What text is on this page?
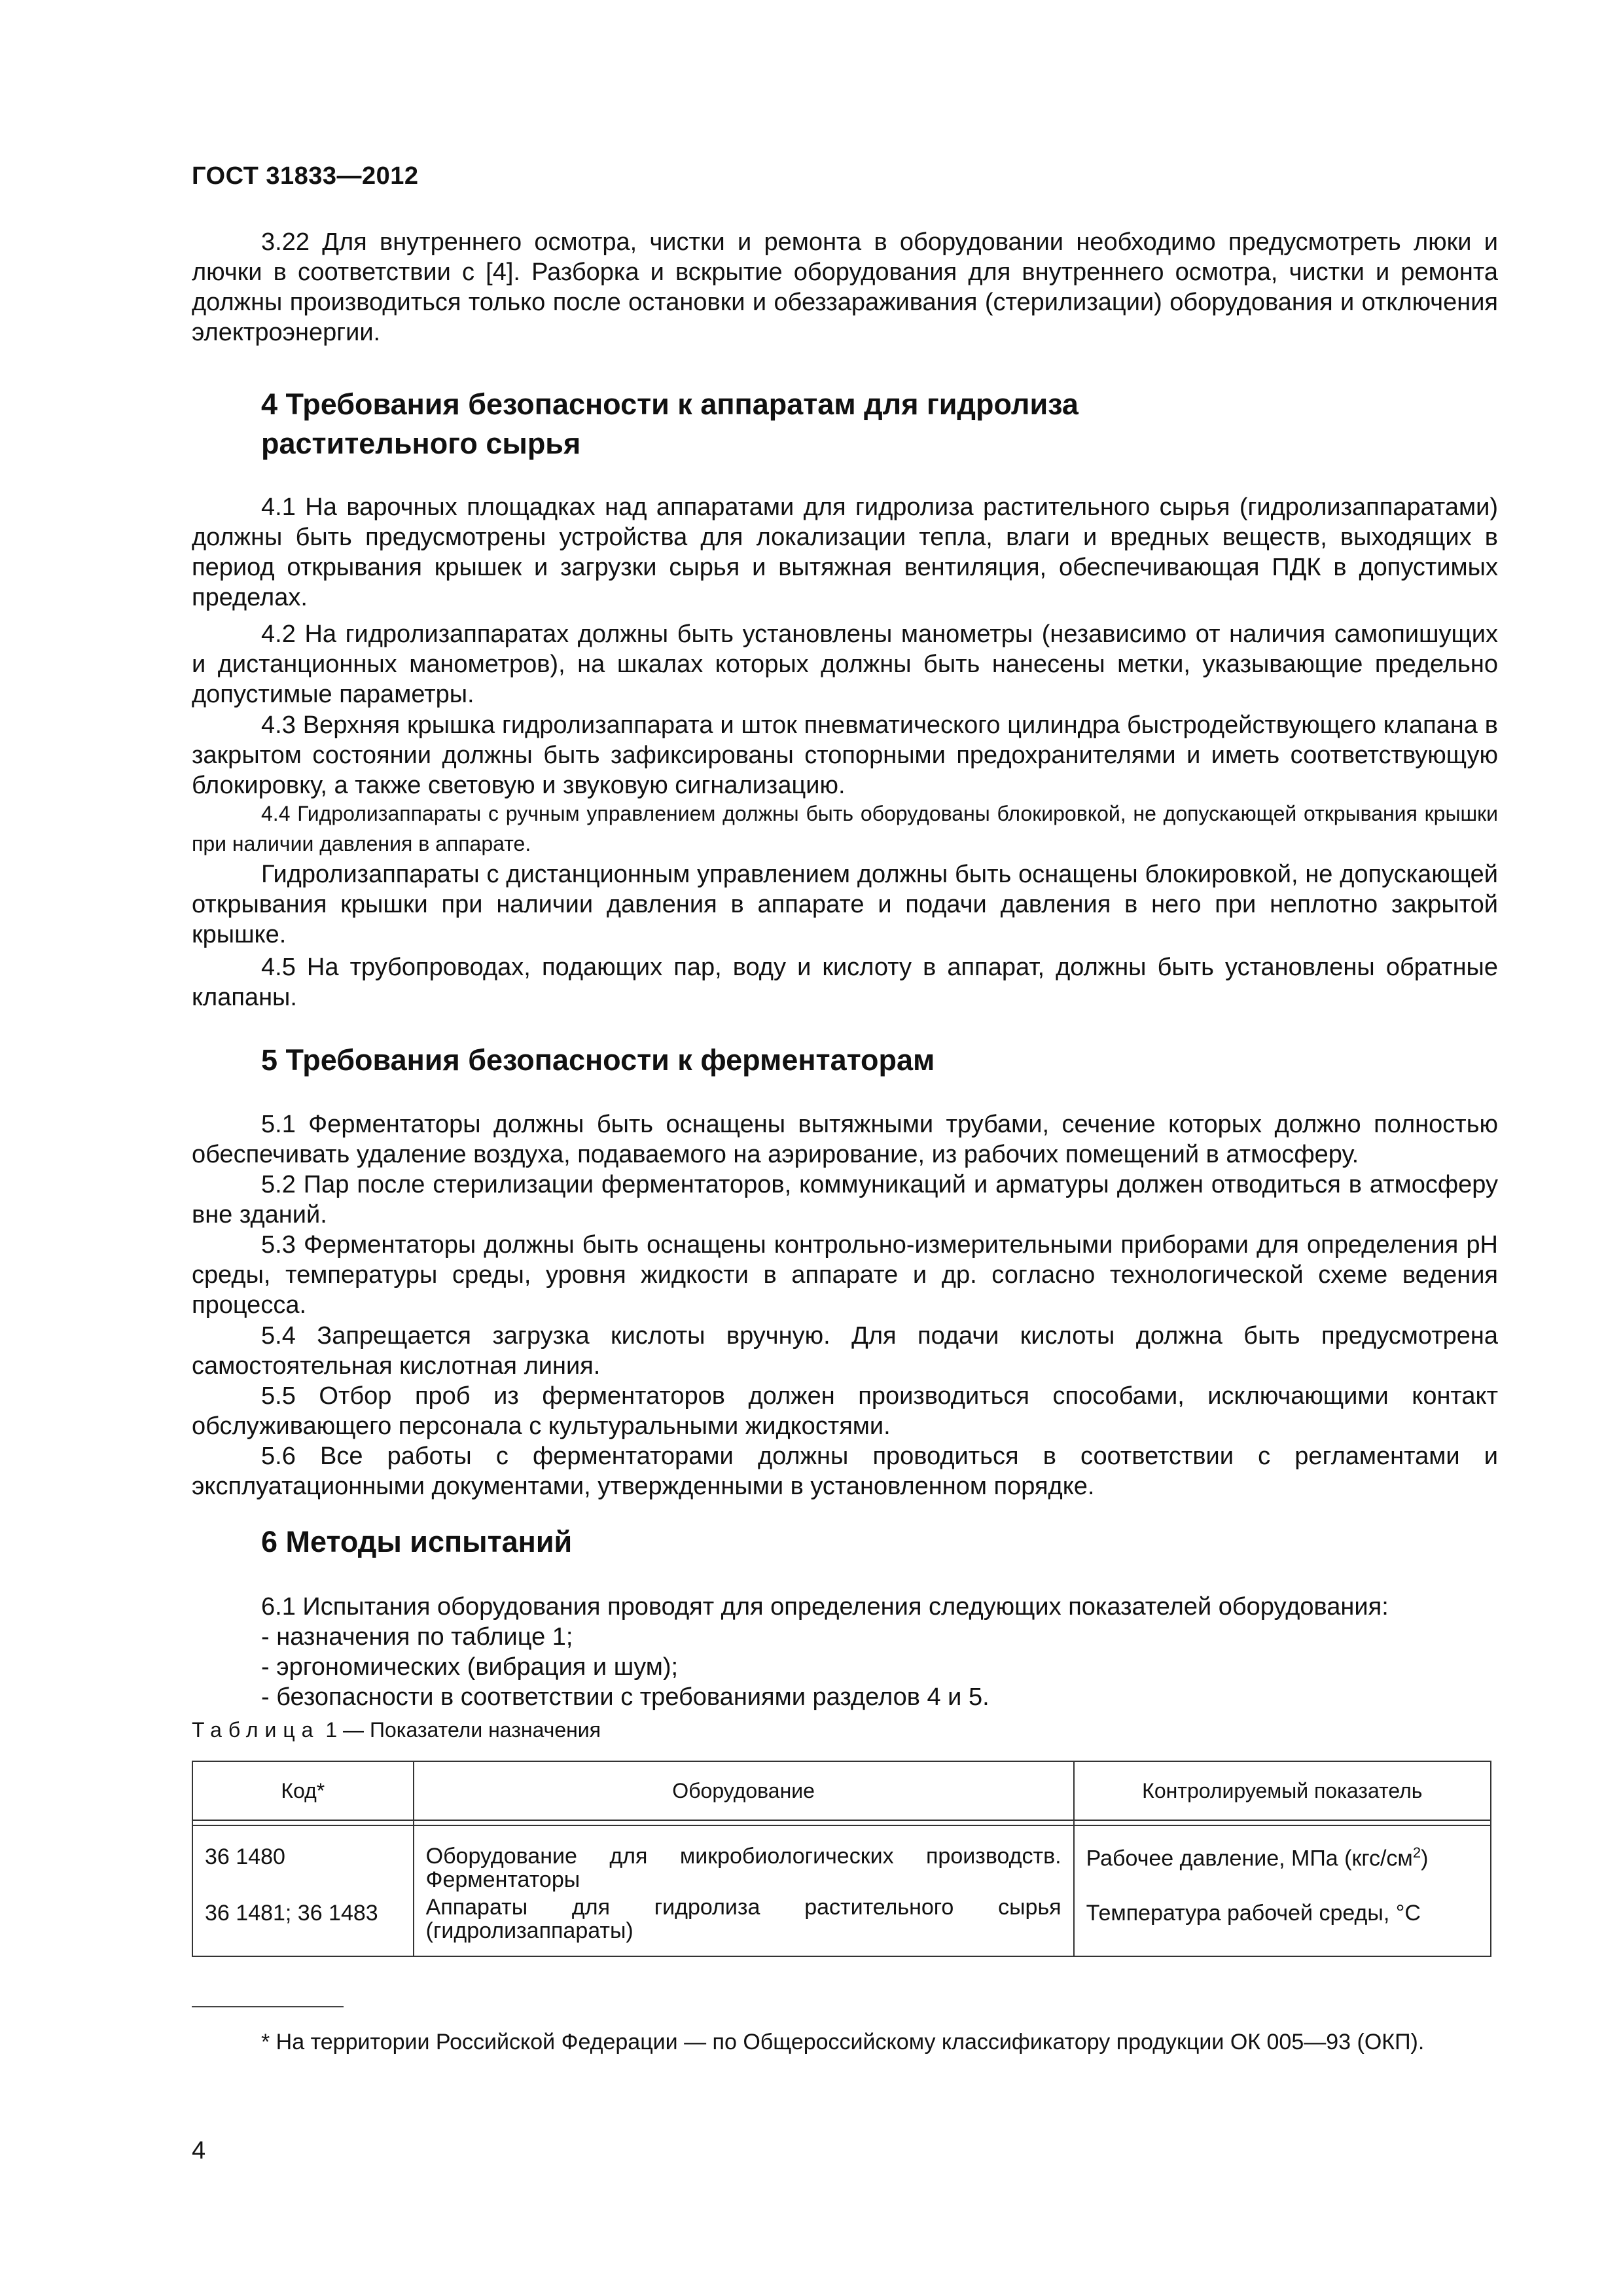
ГОСТ 31833—2012
3.22 Для внутреннего осмотра, чистки и ремонта в оборудовании необходимо предусмотреть люки и лючки в соответствии с [4]. Разборка и вскрытие оборудования для внутреннего осмотра, чистки и ремонта должны производиться только после остановки и обеззараживания (стерилизации) оборудования и отключения электроэнергии.
4 Требования безопасности к аппаратам для гидролиза
растительного сырья
4.1 На варочных площадках над аппаратами для гидролиза растительного сырья (гидролизаппаратами) должны быть предусмотрены устройства для локализации тепла, влаги и вредных веществ, выходящих в период открывания крышек и загрузки сырья и вытяжная вентиляция, обеспечивающая ПДК в допустимых пределах.
4.2 На гидролизаппаратах должны быть установлены манометры (независимо от наличия самопишущих и дистанционных манометров), на шкалах которых должны быть нанесены метки, указывающие предельно допустимые параметры.
4.3 Верхняя крышка гидролизаппарата и шток пневматического цилиндра быстродействующего клапана в закрытом состоянии должны быть зафиксированы стопорными предохранителями и иметь соответствующую блокировку, а также световую и звуковую сигнализацию.
4.4 Гидролизаппараты с ручным управлением должны быть оборудованы блокировкой, не допускающей открывания крышки при наличии давления в аппарате.
Гидролизаппараты с дистанционным управлением должны быть оснащены блокировкой, не допускающей открывания крышки при наличии давления в аппарате и подачи давления в него при неплотно закрытой крышке.
4.5 На трубопроводах, подающих пар, воду и кислоту в аппарат, должны быть установлены обратные клапаны.
5 Требования безопасности к ферментаторам
5.1 Ферментаторы должны быть оснащены вытяжными трубами, сечение которых должно полностью обеспечивать удаление воздуха, подаваемого на аэрирование, из рабочих помещений в атмосферу.
5.2 Пар после стерилизации ферментаторов, коммуникаций и арматуры должен отводиться в атмосферу вне зданий.
5.3 Ферментаторы должны быть оснащены контрольно-измерительными приборами для определения pH среды, температуры среды, уровня жидкости в аппарате и др. согласно технологической схеме ведения процесса.
5.4 Запрещается загрузка кислоты вручную. Для подачи кислоты должна быть предусмотрена самостоятельная кислотная линия.
5.5 Отбор проб из ферментаторов должен производиться способами, исключающими контакт обслуживающего персонала с культуральными жидкостями.
5.6 Все работы с ферментаторами должны проводиться в соответствии с регламентами и эксплуатационными документами, утвержденными в установленном порядке.
6 Методы испытаний
6.1 Испытания оборудования проводят для определения следующих показателей оборудования:
- назначения по таблице 1;
- эргономических (вибрация и шум);
- безопасности в соответствии с требованиями разделов 4 и 5.
Таблица 1 — Показатели назначения
Код*	Оборудование	Контролируемый показатель

36 1480	Оборудование для микробиологических производств. Ферментаторы	Рабочее давление, МПа $(кгс/см^2)$
36 1481; 36 1483	Аппараты для гидролиза растительного сырья (гидролизаппараты)	Температура рабочей среды, °С
* На территории Российской Федерации — по Общероссийскому классификатору продукции ОК 005—93 (ОКП).
4
